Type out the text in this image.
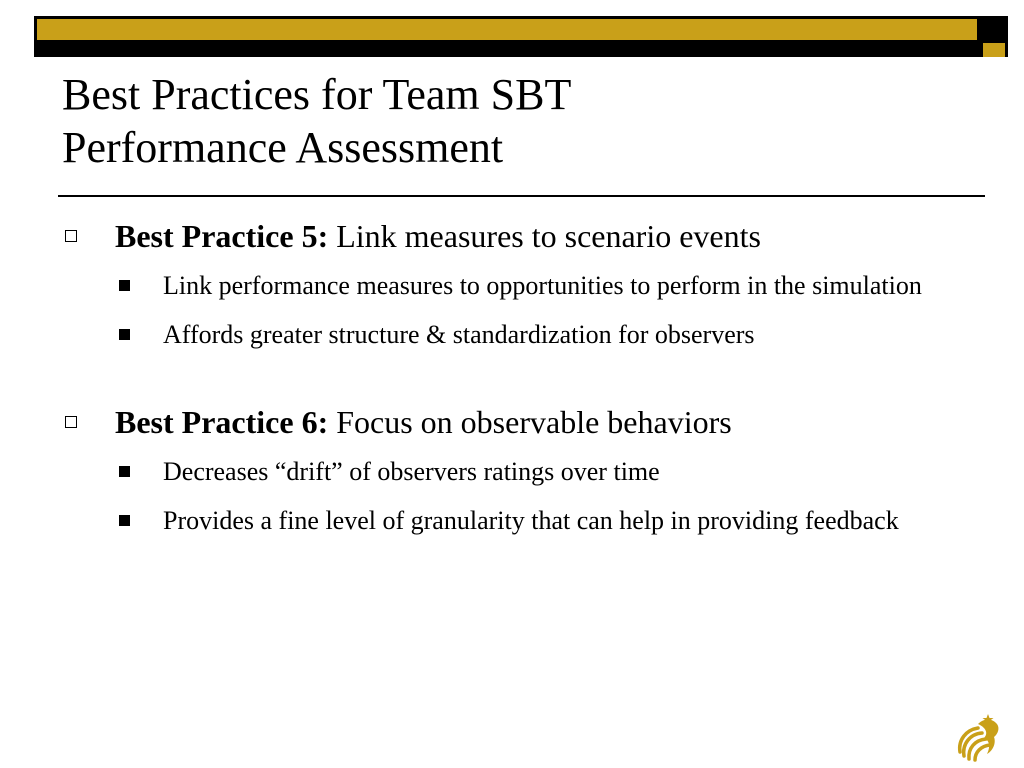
Best Practices for Team SBT
Performance Assessment
Best Practice 5: Link measures to scenario events
Link performance measures to opportunities to perform in the simulation
Affords greater structure & standardization for observers
Best Practice 6: Focus on observable behaviors
Decreases “drift” of observers ratings over time
Provides a fine level of granularity that can help in providing feedback
